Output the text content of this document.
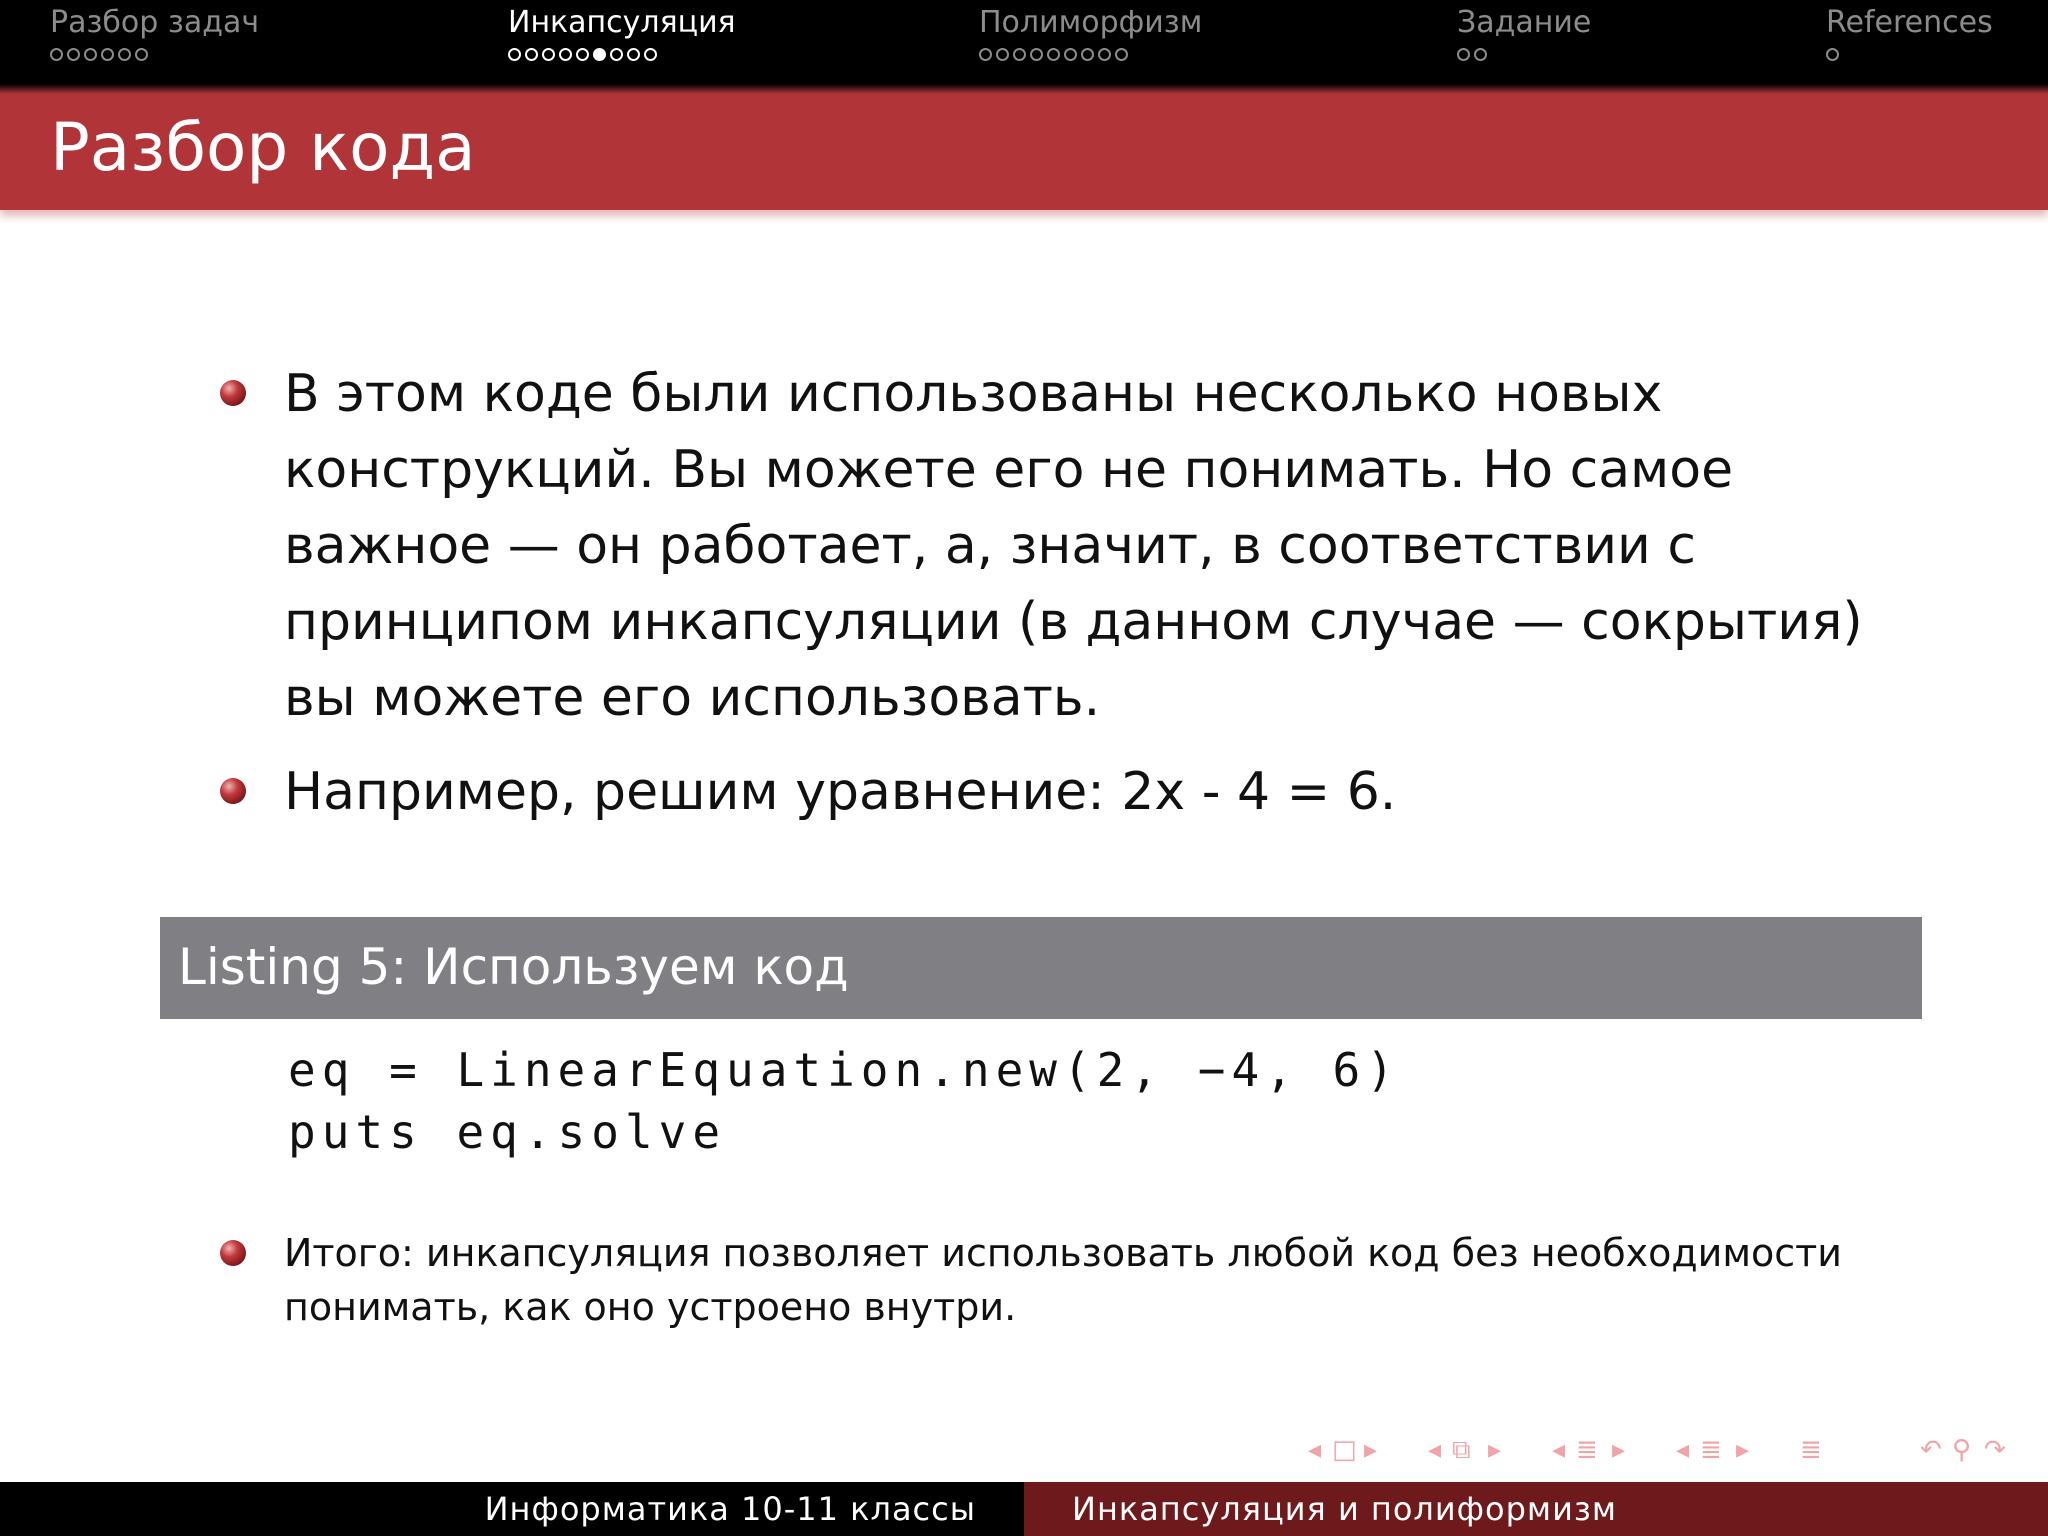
Разбор задач	Инкапсуляция	Полиморфизм	Задание	References
Разбор кода
В этом коде были использованы несколько новых
конструкций. Вы можете его не понимать. Но самое
важное — он работает, а, значит, в соответствии с
принципом инкапсуляции (в данном случае — сокрытия)
вы можете его использовать.
Например, решим уравнение: 2x - 4 = 6.
Listing 5: Используем код
eq = LinearEquation.new(2, −4, 6)
puts eq.solve
Итого: инкапсуляция позволяет использовать любой код без необходимости
понимать, как оно устроено внутри.
◂ □ ▸ ◂ ⧉ ▸ ◂ ≣ ▸ ◂ ≣ ▸ ≣	↶ ⚲ ↷
Информатика 10-11 классы	Инкапсуляция и полиформизм
